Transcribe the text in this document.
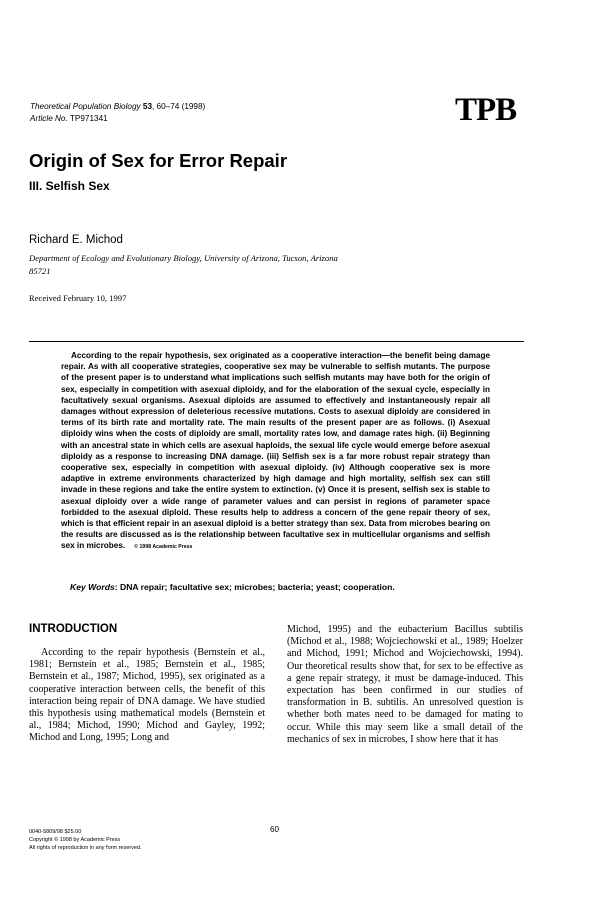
Theoretical Population Biology 53, 60–74 (1998)
Article No. TP971341	TPB
Origin of Sex for Error Repair
III. Selfish Sex
Richard E. Michod
Department of Ecology and Evolutionary Biology, University of Arizona, Tucson, Arizona 85721
Received February 10, 1997
According to the repair hypothesis, sex originated as a cooperative interaction—the benefit being damage repair. As with all cooperative strategies, cooperative sex may be vulnerable to selfish mutants. The purpose of the present paper is to understand what implications such selfish mutants may have both for the origin of sex, especially in competition with asexual diploidy, and for the elaboration of the sexual cycle, especially in facultatively sexual organisms. Asexual diploids are assumed to effectively and instantaneously repair all damages without expression of deleterious recessive mutations. Costs to asexual diploidy are considered in terms of its birth rate and mortality rate. The main results of the present paper are as follows. (i) Asexual diploidy wins when the costs of diploidy are small, mortality rates low, and damage rates high. (ii) Beginning with an ancestral state in which cells are asexual haploids, the sexual life cycle would emerge before asexual diploidy as a response to increasing DNA damage. (iii) Selfish sex is a far more robust repair strategy than cooperative sex, especially in competition with asexual diploidy. (iv) Although cooperative sex is more adaptive in extreme environments characterized by high damage and high mortality, selfish sex can still invade in these regions and take the entire system to extinction. (v) Once it is present, selfish sex is stable to asexual diploidy over a wide range of parameter values and can persist in regions of parameter space forbidded to the asexual diploid. These results help to address a concern of the gene repair theory of sex, which is that efficient repair in an asexual diploid is a better strategy than sex. Data from microbes bearing on the results are discussed as is the relationship between facultative sex in multicellular organisms and selfish sex in microbes. © 1998 Academic Press
Key Words: DNA repair; facultative sex; microbes; bacteria; yeast; cooperation.
INTRODUCTION
According to the repair hypothesis (Bernstein et al., 1981; Bernstein et al., 1985; Bernstein et al., 1985; Bernstein et al., 1987; Michod, 1995), sex originated as a cooperative interaction between cells, the benefit of this interaction being repair of DNA damage. We have studied this hypothesis using mathematical models (Bernstein et al., 1984; Michod, 1990; Michod and Gayley, 1992; Michod and Long, 1995; Long and
Michod, 1995) and the eubacterium Bacillus subtilis (Michod et al., 1988; Wojciechowski et al., 1989; Hoelzer and Michod, 1991; Michod and Wojciechowski, 1994). Our theoretical results show that, for sex to be effective as a gene repair strategy, it must be damage-induced. This expectation has been confirmed in our studies of transformation in B. subtilis. An unresolved question is whether both mates need to be damaged for mating to occur. While this may seem like a small detail of the mechanics of sex in microbes, I show here that it has
0040-5809/98 $25.00
Copyright © 1998 by Academic Press
All rights of reproduction in any form reserved.
60
